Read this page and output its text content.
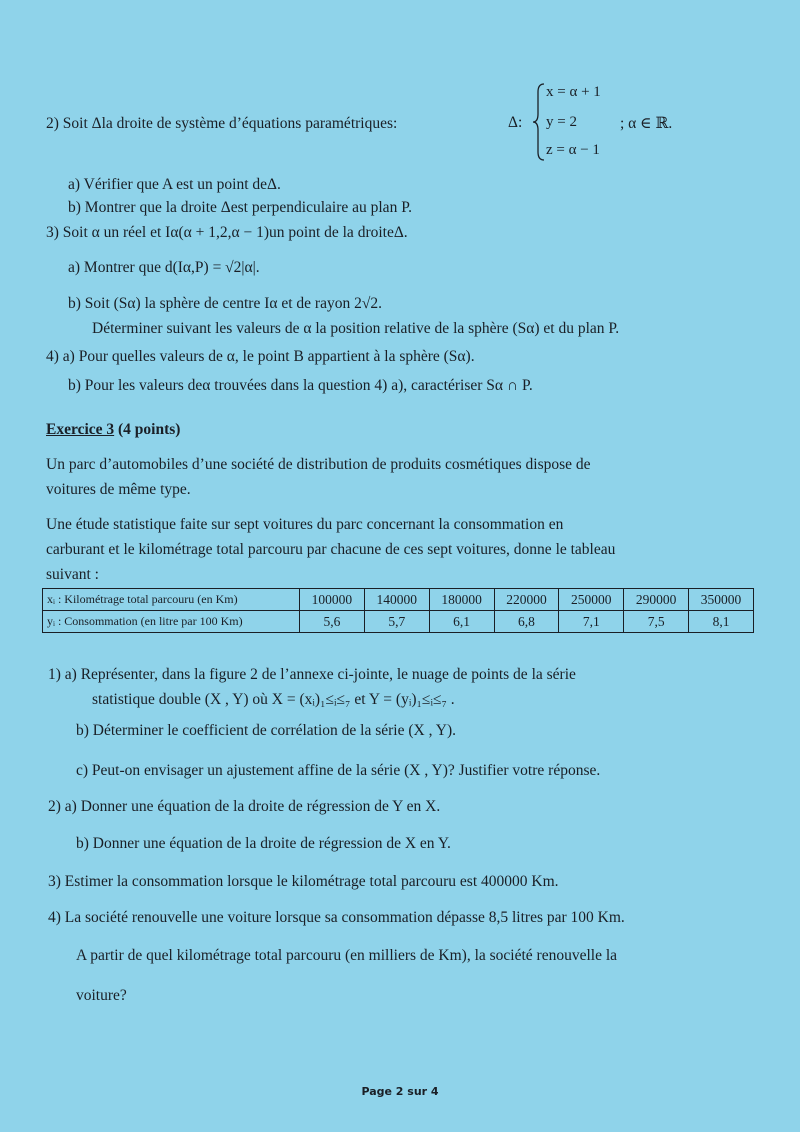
2) Soit Δla droite de système d’équations paramétriques:	Δ:
x = α + 1
y = 2
z = α − 1
; α ∈ ℝ.
a) Vérifier que A est un point deΔ.
b) Montrer que la droite Δest perpendiculaire au plan P.
3) Soit α un réel et Iα(α + 1,2,α − 1)un point de la droiteΔ.
a) Montrer que d(Iα,P) = √2|α|.
b) Soit (Sα) la sphère de centre Iα et de rayon 2√2.
Déterminer suivant les valeurs de α la position relative de la sphère (Sα) et du plan P.
4) a) Pour quelles valeurs de α, le point B appartient à la sphère (Sα).
b) Pour les valeurs deα trouvées dans la question 4) a), caractériser Sα ∩ P.
Exercice 3 (4 points)
Un parc d’automobiles d’une société de distribution de produits cosmétiques dispose de
voitures de même type.
Une étude statistique faite sur sept voitures du parc concernant la consommation en
carburant et le kilométrage total parcouru par chacune de ces sept voitures, donne le tableau
suivant :
xᵢ : Kilométrage total parcouru (en Km)	100000	140000	180000	220000	250000	290000	350000
yᵢ : Consommation (en litre par 100 Km)	5,6	5,7	6,1	6,8	7,1	7,5	8,1
1) a) Représenter, dans la figure 2 de l’annexe ci-jointe, le nuage de points de la série
statistique double (X , Y) où X = (xᵢ)₁≤ᵢ≤₇ et Y = (yᵢ)₁≤ᵢ≤₇ .
b) Déterminer le coefficient de corrélation de la série (X , Y).
c) Peut-on envisager un ajustement affine de la série (X , Y)? Justifier votre réponse.
2) a) Donner une équation de la droite de régression de Y en X.
b) Donner une équation de la droite de régression de X en Y.
3) Estimer la consommation lorsque le kilométrage total parcouru est 400000 Km.
4) La société renouvelle une voiture lorsque sa consommation dépasse 8,5 litres par 100 Km.
A partir de quel kilométrage total parcouru (en milliers de Km), la société renouvelle la
voiture?
Page 2 sur 4
